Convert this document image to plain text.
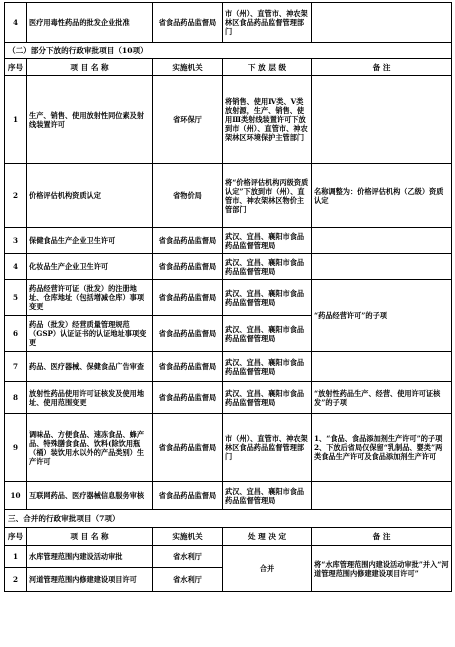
4	医疗用毒性药品的批发企业批准	省食品药品监督局	市（州）、直管市、神农架林区食品药品监督管理部门	
（二）部分下放的行政审批项目（10项）				
序号	项 目 名 称	实施机关	下 放 层 级	备 注
1	生产、销售、使用放射性同位素及射线装置许可	省环保厅	将销售、使用Ⅳ类、Ⅴ类放射源，生产、销售、使用Ⅲ类射线装置许可下放到市（州）、直管市、神农架林区环境保护主管部门	
2	价格评估机构资质认定	省物价局	将“价格评估机构丙级资质认定”下放到市（州）、直管市、神农架林区物价主管部门	名称调整为：价格评估机构（乙级）资质认定
3	保健食品生产企业卫生许可	省食品药品监督局	武汉、宜昌、襄阳市食品药品监督管理局	
4	化妆品生产企业卫生许可	省食品药品监督局	武汉、宜昌、襄阳市食品药品监督管理局	
5	药品经营许可证（批发）的注册地址、仓库地址（包括增减仓库）事项变更	省食品药品监督局	武汉、宜昌、襄阳市食品药品监督管理局	“药品经营许可”的子项
6	药品（批发）经营质量管理规范（GSP）认证证书的认证地址事项变更	省食品药品监督局	武汉、宜昌、襄阳市食品药品监督管理局	
7	药品、医疗器械、保健食品广告审查	省食品药品监督局	武汉、宜昌、襄阳市食品药品监督管理局	
8	放射性药品使用许可证核发及使用地址、使用范围变更	省食品药品监督局	武汉、宜昌、襄阳市食品药品监督管理局	“放射性药品生产、经营、使用许可证核发”的子项
9	调味品、方便食品、速冻食品、蜂产品、特殊膳食食品、饮料(除饮用瓶（桶）装饮用水以外的产品类别）生产许可	省食品药品监督局	市（州）、直管市、神农架林区食品药品监督管理部门	1、“食品、食品添加剂生产许可”的子项
2、下放后省局仅保留“乳制品、婴类”两类食品生产许可及食品添加剂生产许可
10	互联网药品、医疗器械信息服务审核	省食品药品监督局	武汉、宜昌、襄阳市食品药品监督管理局	
三、合并的行政审批项目（7项）				
序号	项 目 名 称	实施机关	处 理 决 定	备 注
1	水库管理范围内建设活动审批	省水利厅	合并	将“水库管理范围内建设活动审批”并入“河道管理范围内修建建设项目许可”
2	河道管理范围内修建建设项目许可	省水利厅		
